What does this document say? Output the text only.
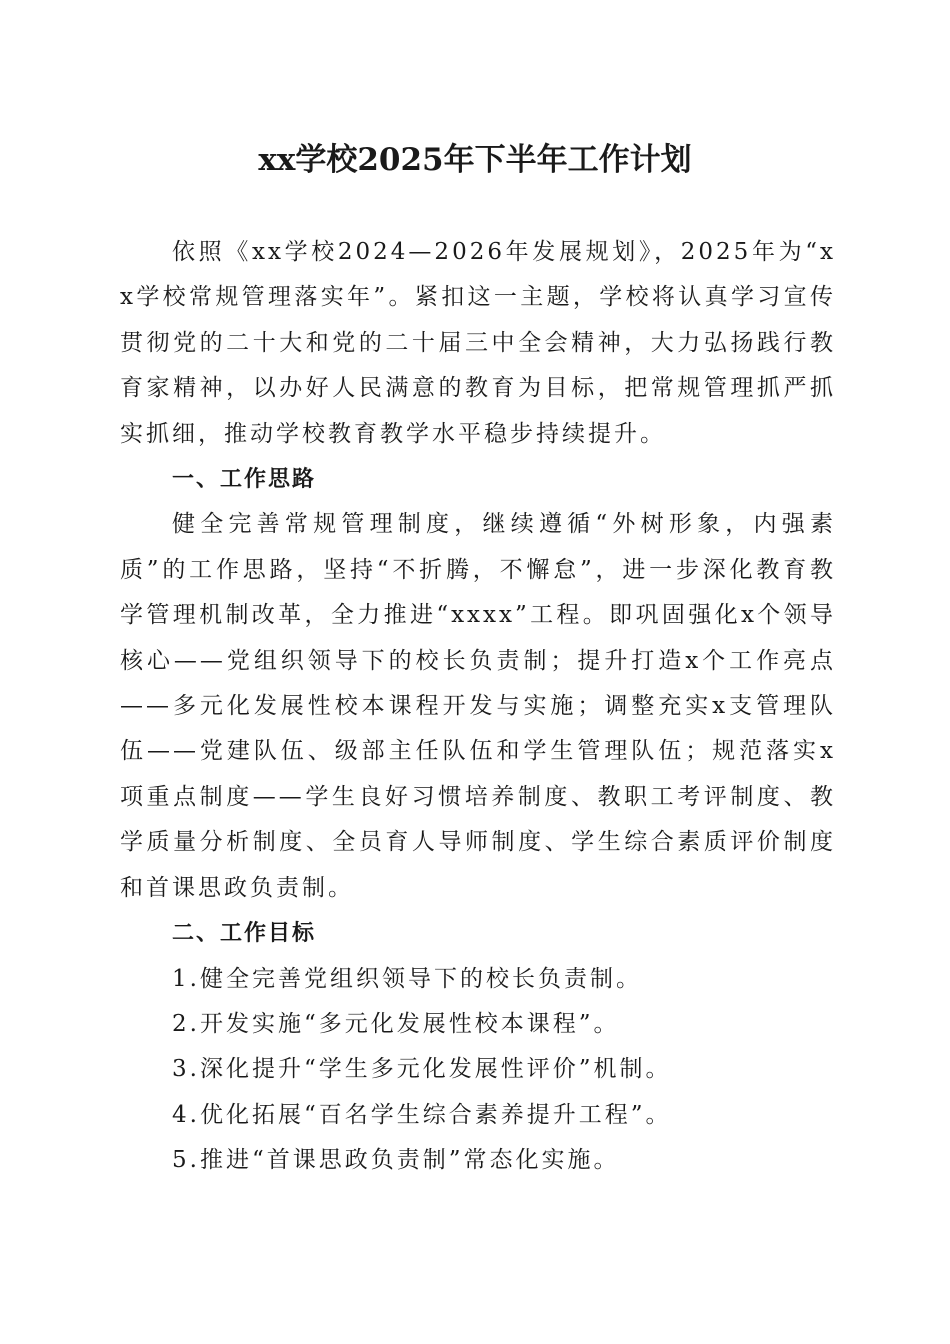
xx学校2025年下半年工作计划

依照《xx学校2024—2026年发展规划》，2025年为“xx学校常规管理落实年”。紧扣这一主题，学校将认真学习宣传贯彻党的二十大和党的二十届三中全会精神，大力弘扬践行教育家精神，以办好人民满意的教育为目标，把常规管理抓严抓实抓细，推动学校教育教学水平稳步持续提升。

一、工作思路

健全完善常规管理制度，继续遵循“外树形象，内强素质”的工作思路，坚持“不折腾，不懈怠”，进一步深化教育教学管理机制改革，全力推进“xxxx”工程。即巩固强化x个领导核心——党组织领导下的校长负责制；提升打造x个工作亮点——多元化发展性校本课程开发与实施；调整充实x支管理队伍——党建队伍、级部主任队伍和学生管理队伍；规范落实x项重点制度——学生良好习惯培养制度、教职工考评制度、教学质量分析制度、全员育人导师制度、学生综合素质评价制度和首课思政负责制。

二、工作目标

1.健全完善党组织领导下的校长负责制。

2.开发实施“多元化发展性校本课程”。

3.深化提升“学生多元化发展性评价”机制。

4.优化拓展“百名学生综合素养提升工程”。

5.推进“首课思政负责制”常态化实施。
